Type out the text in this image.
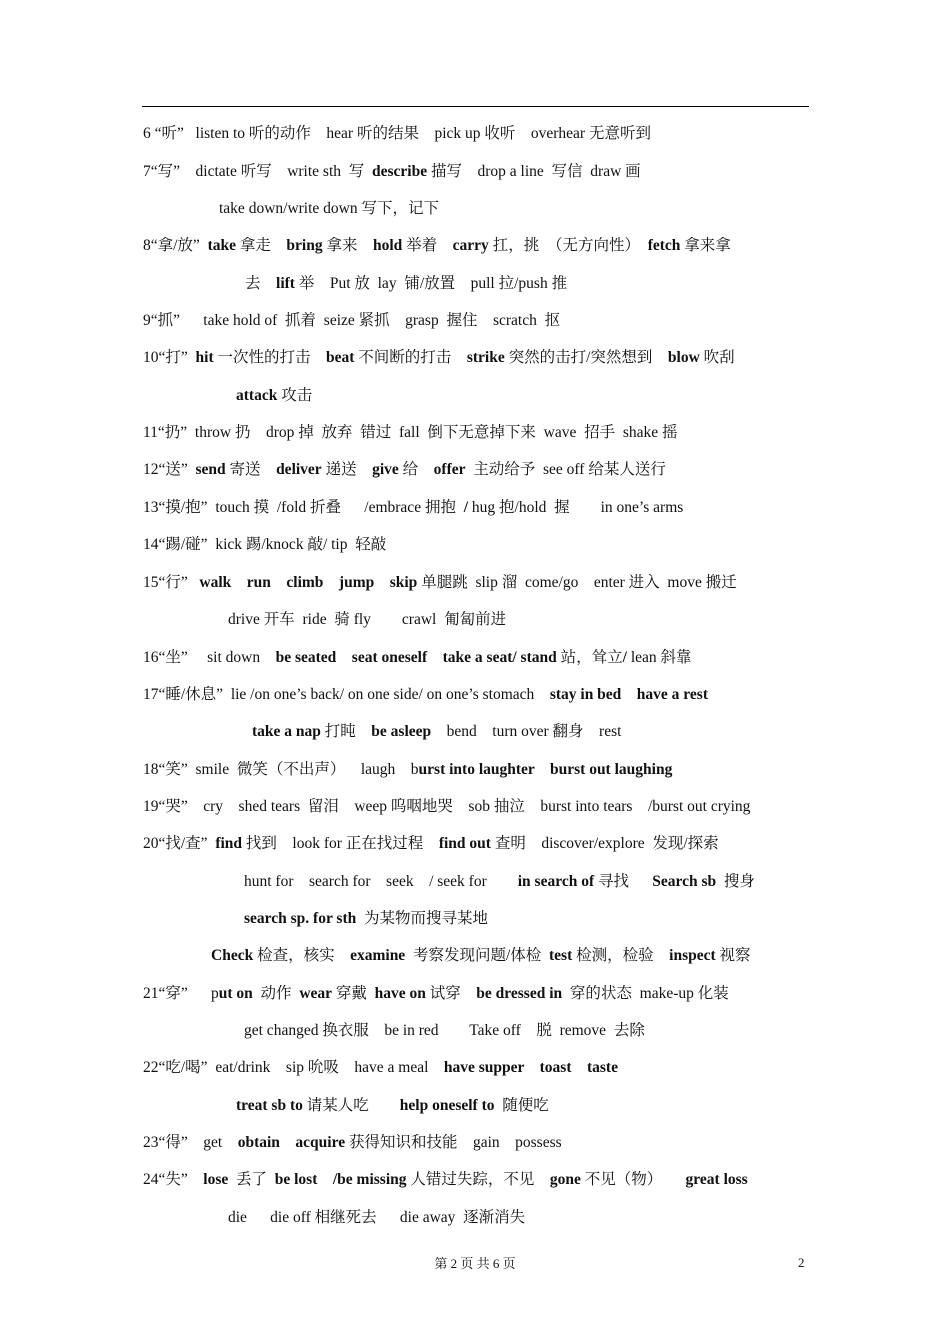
6 “听”   listen to 听的动作    hear 听的结果    pick up 收听    overhear 无意听到
7“写”    dictate 听写    write sth  写  describe 描写    drop a line  写信  draw 画
take down/write down 写下，记下
8“拿/放”  take 拿走    bring 拿来    hold 举着    carry 扛，挑  （无方向性）  fetch 拿来拿
去    lift 举    Put 放  lay  铺/放置    pull 拉/push 推
9“抓”      take hold of  抓着  seize 紧抓    grasp  握住    scratch  抠
10“打”  hit 一次性的打击    beat 不间断的打击    strike 突然的击打/突然想到    blow 吹刮
attack 攻击
11“扔”  throw 扔    drop 掉  放弃  错过  fall  倒下无意掉下来  wave  招手  shake 摇
12“送”  send 寄送    deliver 递送    give 给    offer  主动给予  see off 给某人送行
13“摸/抱”  touch 摸  /fold 折叠      /embrace 拥抱  / hug 抱/hold  握        in one’s arms
14“踢/碰”  kick 踢/knock 敲/ tip  轻敲
15“行”   walk    run    climb    jump    skip 单腿跳  slip 溜  come/go    enter 进入  move 搬迁
drive 开车  ride  骑 fly        crawl  匍匐前进
16“坐”     sit down    be seated    seat oneself    take a seat/ stand 站，耸立/ lean 斜靠
17“睡/休息”  lie /on one’s back/ on one side/ on one’s stomach    stay in bed    have a rest
take a nap 打盹    be asleep    bend    turn over 翻身    rest
18“笑”  smile  微笑（不出声）    laugh    burst into laughter    burst out laughing
19“哭”    cry    shed tears  留泪    weep 呜咽地哭    sob 抽泣    burst into tears    /burst out crying
20“找/查”  find 找到    look for 正在找过程    find out 查明    discover/explore  发现/探索
hunt for    search for    seek    / seek for        in search of 寻找      Search sb  搜身
search sp. for sth  为某物而搜寻某地
Check 检查，核实    examine  考察发现问题/体检  test 检测，检验    inspect 视察
21“穿”      put on  动作  wear 穿戴  have on 试穿    be dressed in  穿的状态  make-up 化装
get changed 换衣服    be in red        Take off    脱  remove  去除
22“吃/喝”  eat/drink    sip 吮吸    have a meal    have supper    toast    taste
treat sb to 请某人吃        help oneself to  随便吃
23“得”    get    obtain    acquire 获得知识和技能    gain    possess
24“失”    lose  丢了  be lost    /be missing 人错过失踪，不见    gone 不见（物）      great loss
die      die off 相继死去      die away  逐渐消失
第 2 页 共 6 页	2
